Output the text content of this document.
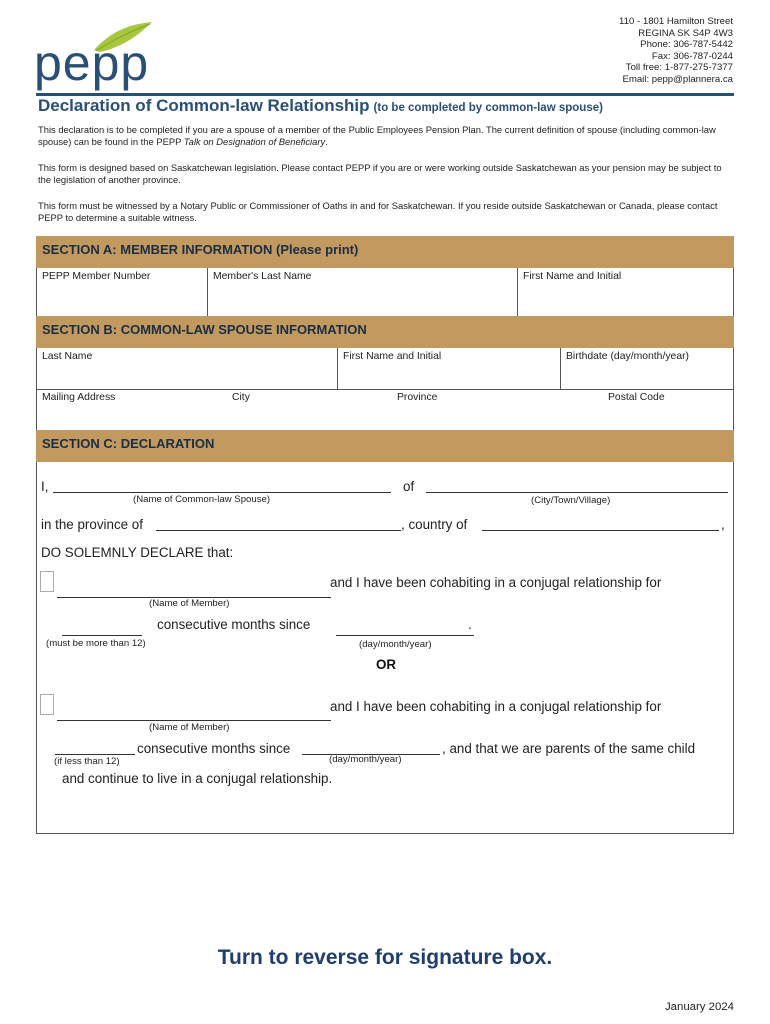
pepp
110 - 1801 Hamilton Street
REGINA SK S4P 4W3
Phone: 306-787-5442
Fax: 306-787-0244
Toll free: 1-877-275-7377
Email: pepp@plannera.ca
Declaration of Common-law Relationship (to be completed by common-law spouse)
This declaration is to be completed if you are a spouse of a member of the Public Employees Pension Plan. The current definition of spouse (including common-law spouse) can be found in the PEPP Talk on Designation of Beneficiary.
This form is designed based on Saskatchewan legislation. Please contact PEPP if you are or were working outside Saskatchewan as your pension may be subject to the legislation of another province.
This form must be witnessed by a Notary Public or Commissioner of Oaths in and for Saskatchewan. If you reside outside Saskatchewan or Canada, please contact PEPP to determine a suitable witness.
SECTION A: MEMBER INFORMATION (Please print)
PEPP Member Number	Member's Last Name	First Name and Initial
SECTION B: COMMON-LAW SPOUSE INFORMATION
Last Name	First Name and Initial	Birthdate (day/month/year)
Mailing Address	City	Province	Postal Code
SECTION C: DECLARATION
I,
(Name of Common-law Spouse)
of
(City/Town/Village)
in the province of	, country of	,
DO SOLEMNLY DECLARE that:
and I have been cohabiting in a conjugal relationship for
(Name of Member)
consecutive months since
(must be more than 12)
.
(day/month/year)
OR
and I have been cohabiting in a conjugal relationship for
(Name of Member)
consecutive months since
(if less than 12)	(day/month/year)
, and that we are parents of the same child
and continue to live in a conjugal relationship.
Turn to reverse for signature box.
January 2024
